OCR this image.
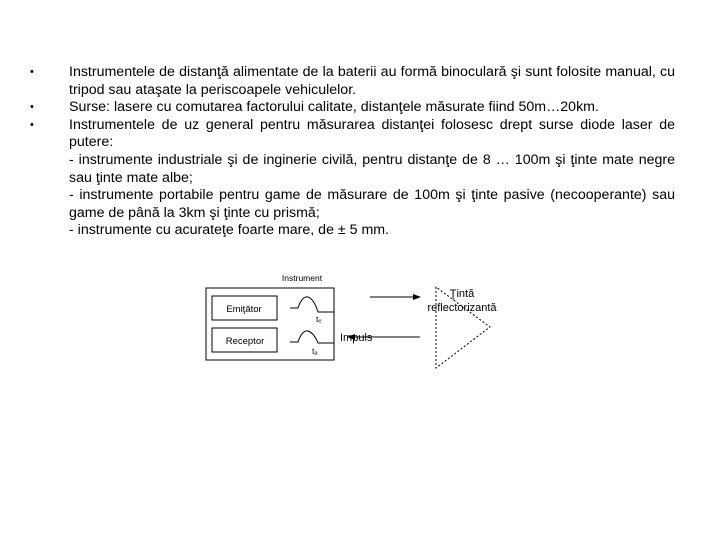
• Instrumentele de distanţă alimentate de la baterii au formă binoculară şi sunt folosite manual, cu tripod sau ataşate la periscoapele vehiculelor.
• Surse: lasere cu comutarea factorului calitate, distanţele măsurate fiind 50m…20km.
• Instrumentele de uz general pentru măsurarea distanţei folosesc drept surse diode laser de putere:
- instrumente industriale şi de inginerie civilă, pentru distanţe de 8 … 100m şi ţinte mate negre sau ţinte mate albe;
- instrumente portabile pentru game de măsurare de 100m şi ţinte pasive (necooperante) sau game de până la 3km şi ţinte cu prismă;
- instrumente cu acurateţe foarte mare, de ± 5 mm.
Instrument
Emiţător
Receptor
tₑ
tₐ
Impuls
Ţintă
reflectorizantă
